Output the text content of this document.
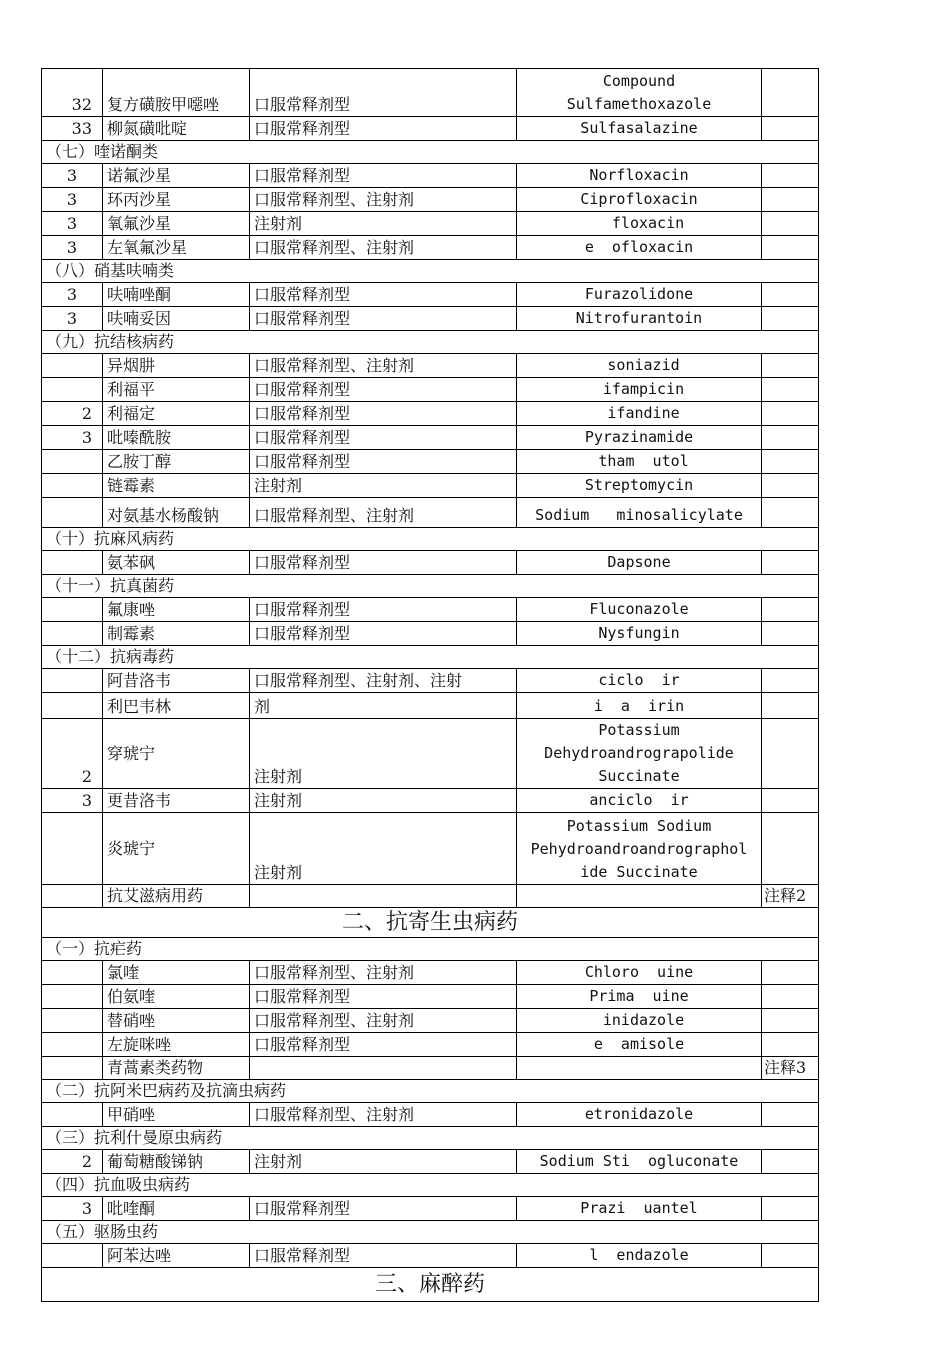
32	复方磺胺甲噁唑	口服常释剂型	Compound
Sulfamethoxazole	

33	柳氮磺吡啶	口服常释剂型	Sulfasalazine	

（七）喹诺酮类				
3	诺氟沙星	口服常释剂型	Norfloxacin	

3	环丙沙星	口服常释剂型、注射剂	Ciprofloxacin	

3	氧氟沙星	注射剂	floxacin	

3	左氧氟沙星	口服常释剂型、注射剂	e  ofloxacin	

（八）硝基呋喃类				
3	呋喃唑酮	口服常释剂型	Furazolidone	

3	呋喃妥因	口服常释剂型	Nitrofurantoin	

（九）抗结核病药				
	异烟肼	口服常释剂型、注射剂	soniazid	

	利福平	口服常释剂型	ifampicin	

2	利福定	口服常释剂型	ifandine	

3	吡嗪酰胺	口服常释剂型	Pyrazinamide	

	乙胺丁醇	口服常释剂型	tham  utol	

	链霉素	注射剂	Streptomycin	

	对氨基水杨酸钠	口服常释剂型、注射剂	Sodium   minosalicylate	

（十）抗麻风病药				
	氨苯砜	口服常释剂型	Dapsone	

（十一）抗真菌药				
	氟康唑	口服常释剂型	Fluconazole	

	制霉素	口服常释剂型	Nysfungin	

（十二）抗病毒药				
	阿昔洛韦	口服常释剂型、注射剂、注射	ciclo  ir	

	利巴韦林	剂	i  a  irin	

2	穿琥宁	注射剂	Potassium
Dehydroandrograpolide
Succinate	

3	更昔洛韦	注射剂	anciclo  ir	

	炎琥宁	注射剂	Potassium Sodium
Pehydroandroandrographol
ide Succinate	

	抗艾滋病用药			注释2
二、抗寄生虫病药				
（一）抗疟药				
	氯喹	口服常释剂型、注射剂	Chloro  uine	

	伯氨喹	口服常释剂型	Prima  uine	

	替硝唑	口服常释剂型、注射剂	inidazole	

	左旋咪唑	口服常释剂型	e  amisole	

	青蒿素类药物			注释3
（二）抗阿米巴病药及抗滴虫病药				
	甲硝唑	口服常释剂型、注射剂	etronidazole	

（三）抗利什曼原虫病药				
2	葡萄糖酸锑钠	注射剂	Sodium Sti  ogluconate	

（四）抗血吸虫病药				
3	吡喹酮	口服常释剂型	Prazi  uantel	

（五）驱肠虫药				
	阿苯达唑	口服常释剂型	l  endazole	

三、麻醉药				
